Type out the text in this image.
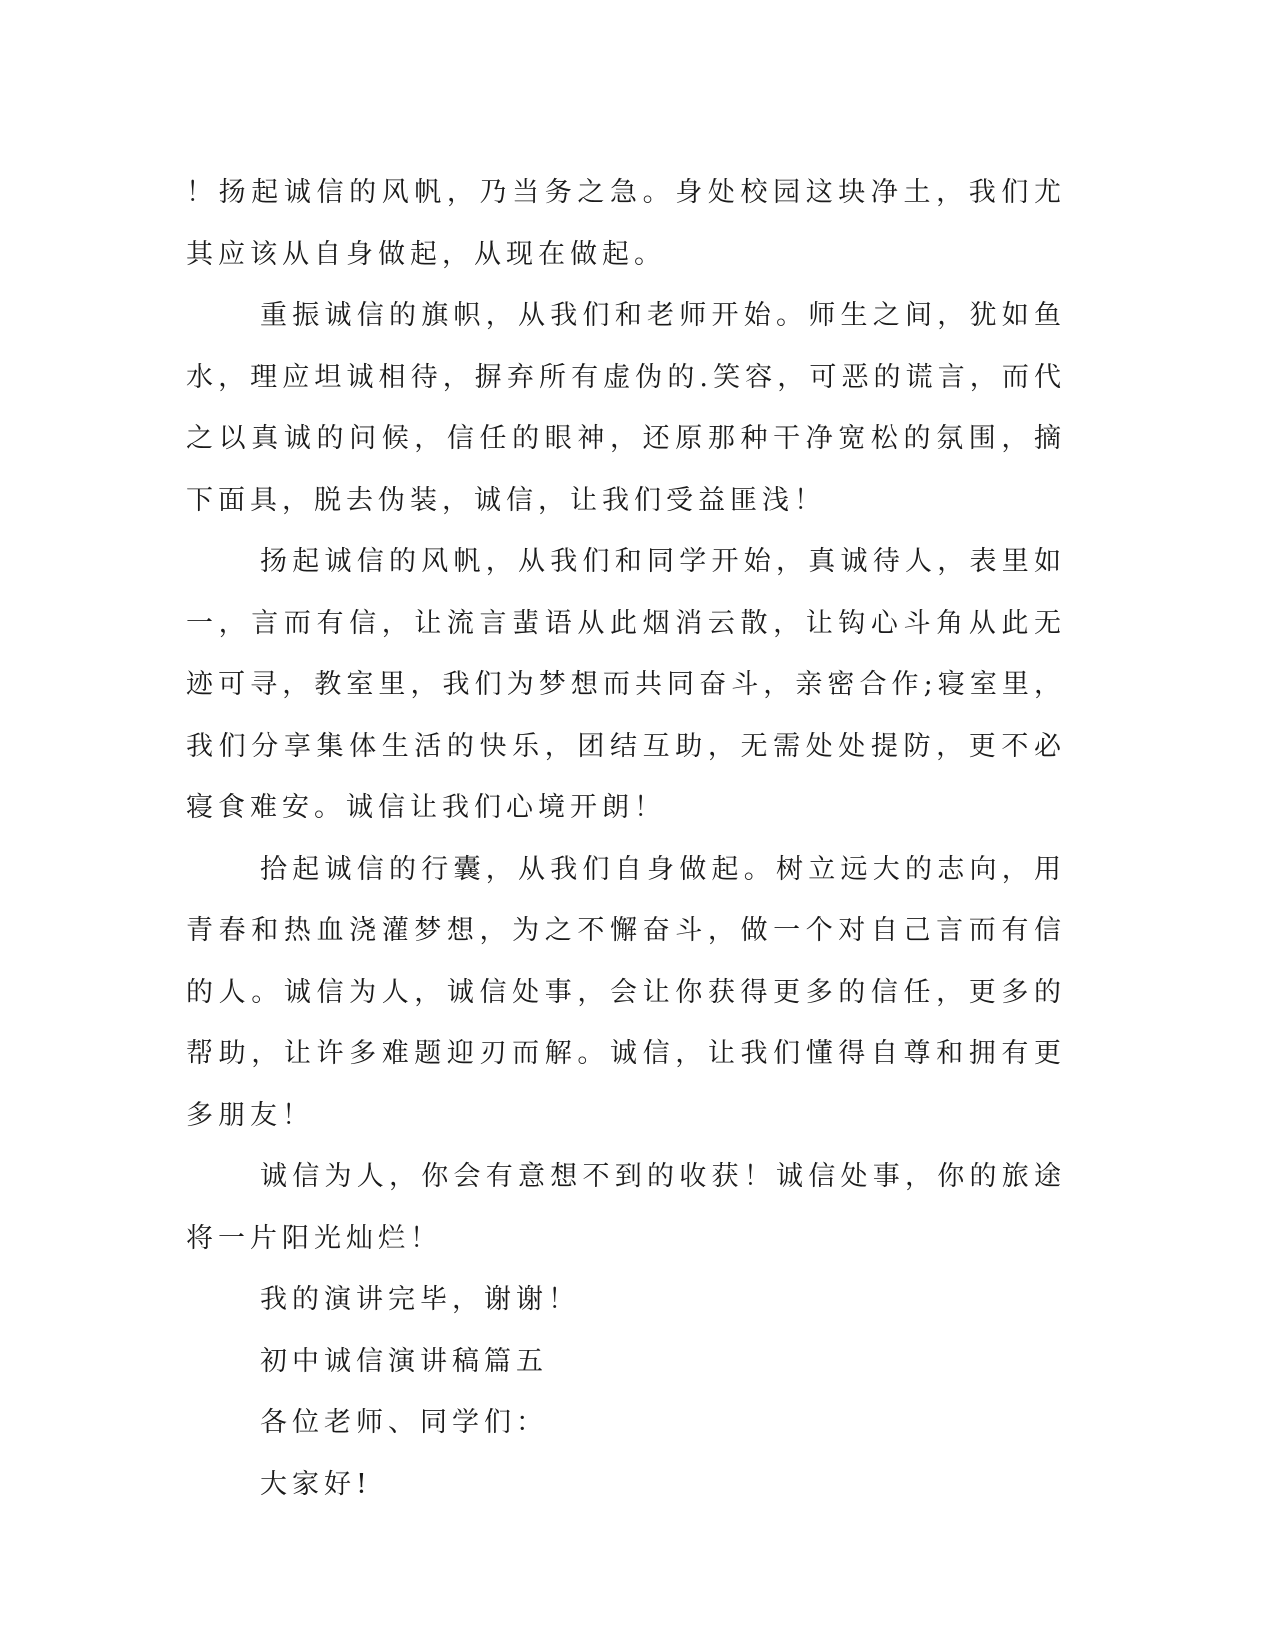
！扬起诚信的风帆，乃当务之急。身处校园这块净土，我们尤其应该从自身做起，从现在做起。

重振诚信的旗帜，从我们和老师开始。师生之间，犹如鱼水，理应坦诚相待，摒弃所有虚伪的.笑容，可恶的谎言，而代之以真诚的问候，信任的眼神，还原那种干净宽松的氛围，摘下面具，脱去伪装，诚信，让我们受益匪浅！

扬起诚信的风帆，从我们和同学开始，真诚待人，表里如一，言而有信，让流言蜚语从此烟消云散，让钩心斗角从此无迹可寻，教室里，我们为梦想而共同奋斗，亲密合作;寝室里，我们分享集体生活的快乐，团结互助，无需处处提防，更不必寝食难安。诚信让我们心境开朗！

拾起诚信的行囊，从我们自身做起。树立远大的志向，用青春和热血浇灌梦想，为之不懈奋斗，做一个对自己言而有信的人。诚信为人，诚信处事，会让你获得更多的信任，更多的帮助，让许多难题迎刃而解。诚信，让我们懂得自尊和拥有更多朋友！

诚信为人，你会有意想不到的收获！诚信处事，你的旅途将一片阳光灿烂！

我的演讲完毕，谢谢！

初中诚信演讲稿篇五

各位老师、同学们：

大家好!
